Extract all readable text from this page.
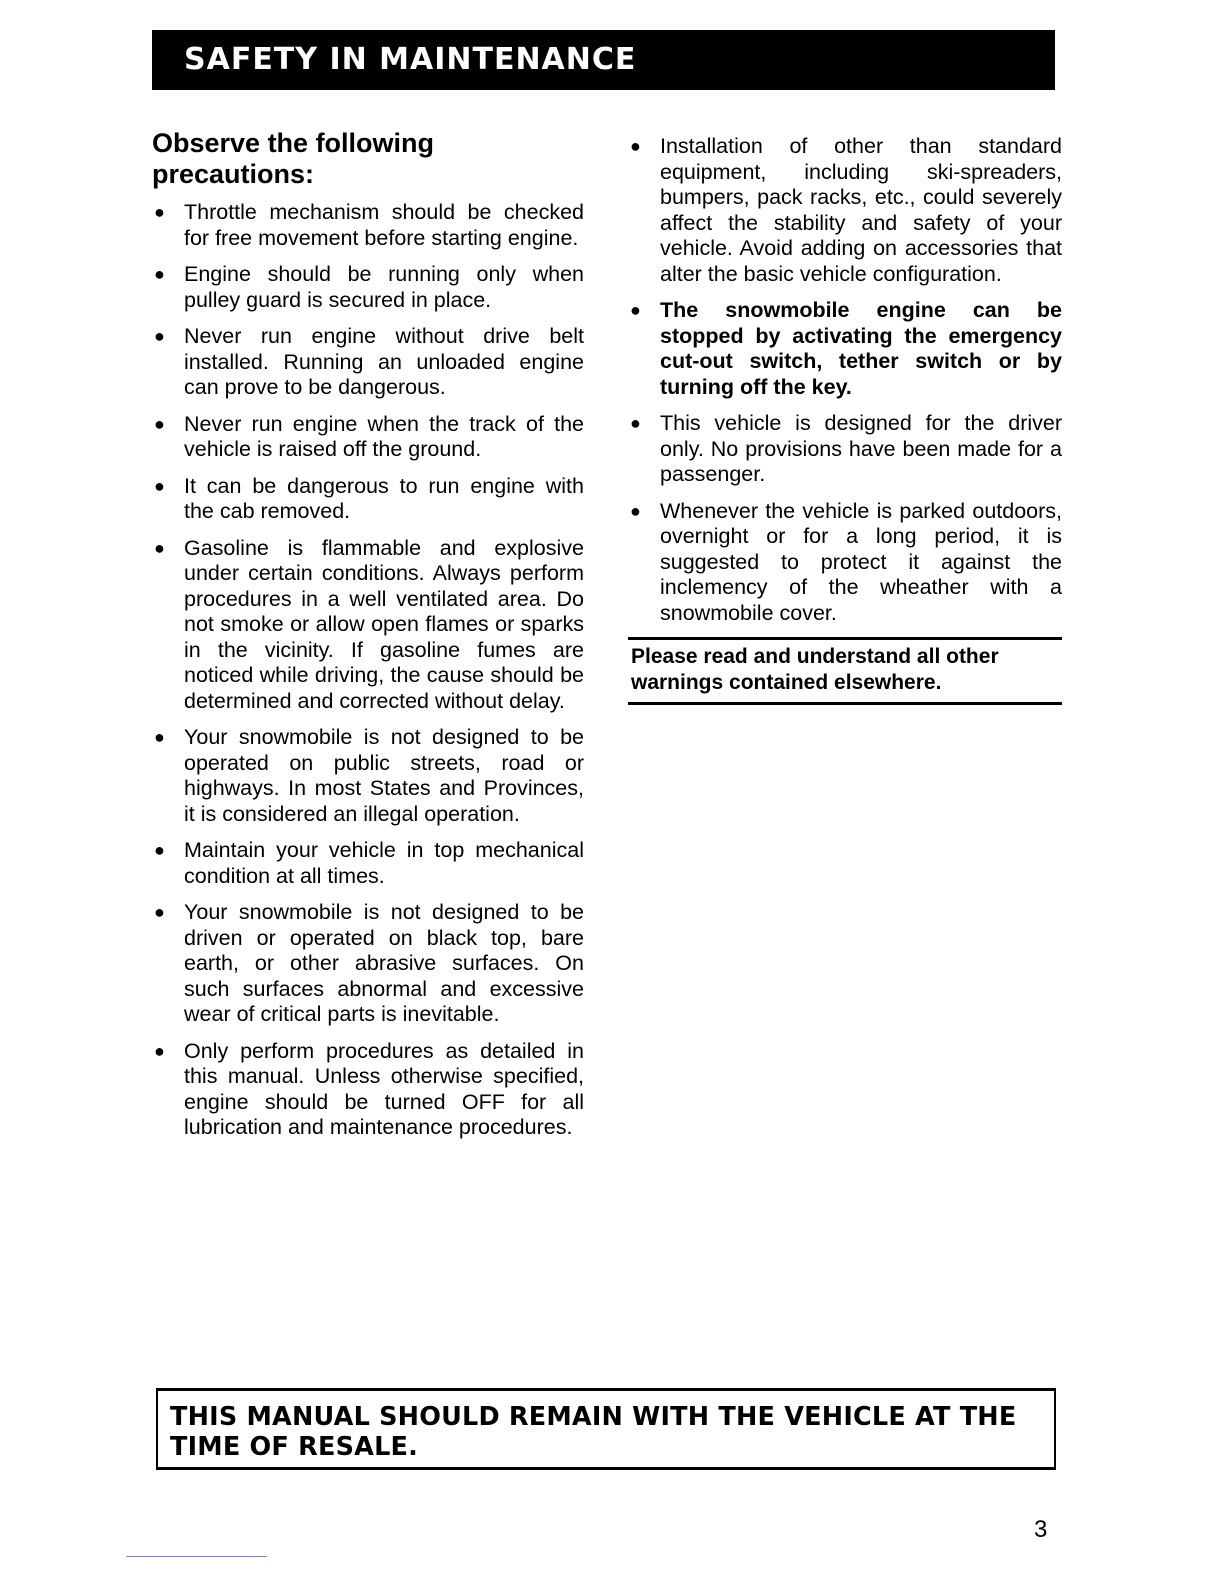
SAFETY IN MAINTENANCE
Observe the following precautions:
● Throttle mechanism should be checked for free movement before starting engine.
● Engine should be running only when pulley guard is secured in place.
● Never run engine without drive belt installed. Running an unloaded engine can prove to be dangerous.
● Never run engine when the track of the vehicle is raised off the ground.
● It can be dangerous to run engine with the cab removed.
● Gasoline is flammable and explosive under certain conditions. Always perform procedures in a well ventilated area. Do not smoke or allow open flames or sparks in the vicinity. If gasoline fumes are noticed while driving, the cause should be determined and corrected without delay.
● Your snowmobile is not designed to be operated on public streets, road or highways. In most States and Provinces, it is considered an illegal operation.
● Maintain your vehicle in top mechanical condition at all times.
● Your snowmobile is not designed to be driven or operated on black top, bare earth, or other abrasive surfaces. On such surfaces abnormal and excessive wear of critical parts is inevitable.
● Only perform procedures as detailed in this manual. Unless otherwise specified, engine should be turned OFF for all lubrication and maintenance procedures.
● Installation of other than standard equipment, including ski-spreaders, bumpers, pack racks, etc., could severely affect the stability and safety of your vehicle. Avoid adding on accessories that alter the basic vehicle configuration.
● The snowmobile engine can be stopped by activating the emergency cut-out switch, tether switch or by turning off the key.
● This vehicle is designed for the driver only. No provisions have been made for a passenger.
● Whenever the vehicle is parked outdoors, overnight or for a long period, it is suggested to protect it against the inclemency of the wheather with a snowmobile cover.
Please read and understand all other warnings contained elsewhere.
THIS MANUAL SHOULD REMAIN WITH THE VEHICLE AT THE TIME OF RESALE.
3
